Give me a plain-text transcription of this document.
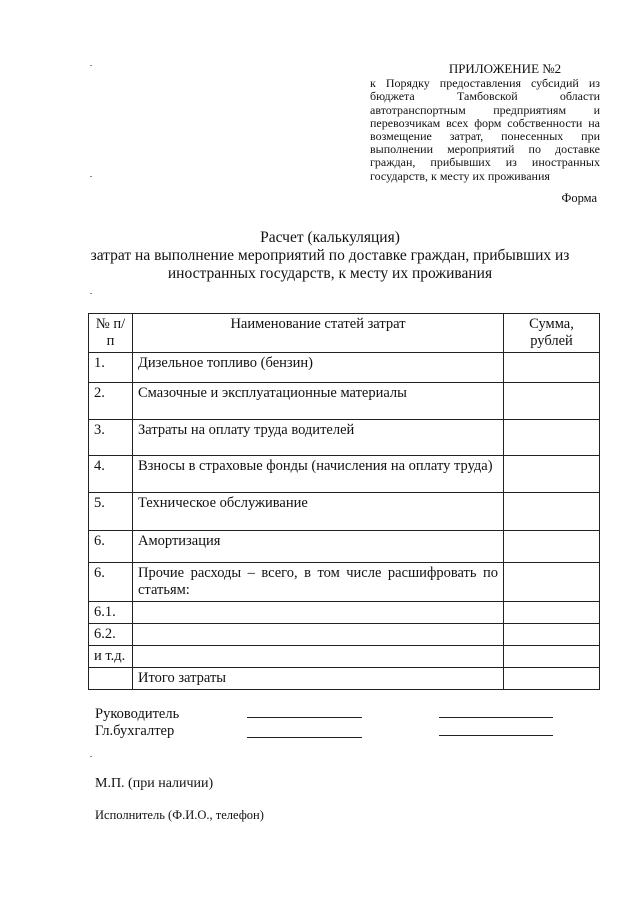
ПРИЛОЖЕНИЕ №2
к Порядку предоставления субсидий из бюджета Тамбовской области автотранспортным предприятиям и перевозчикам всех форм собственности на возмещение затрат, понесенных при выполнении мероприятий по доставке граждан, прибывших из иностранных государств, к месту их проживания
Форма
Расчет (калькуляция)
затрат на выполнение мероприятий по доставке граждан, прибывших из
иностранных государств, к месту их проживания
№ п/п	Наименование статей затрат	Сумма, рублей
1.	Дизельное топливо (бензин)	
2.	Смазочные и эксплуатационные материалы	
3.	Затраты на оплату труда водителей	
4.	Взносы в страховые фонды (начисления на оплату труда)	
5.	Техническое обслуживание	
6.	Амортизация	
6.	Прочие расходы – всего, в том числе расшифровать по статьям:	
6.1.		
6.2.		
и т.д.		
	Итого затраты	
Руководитель
Гл.бухгалтер
М.П. (при наличии)
Исполнитель (Ф.И.О., телефон)
